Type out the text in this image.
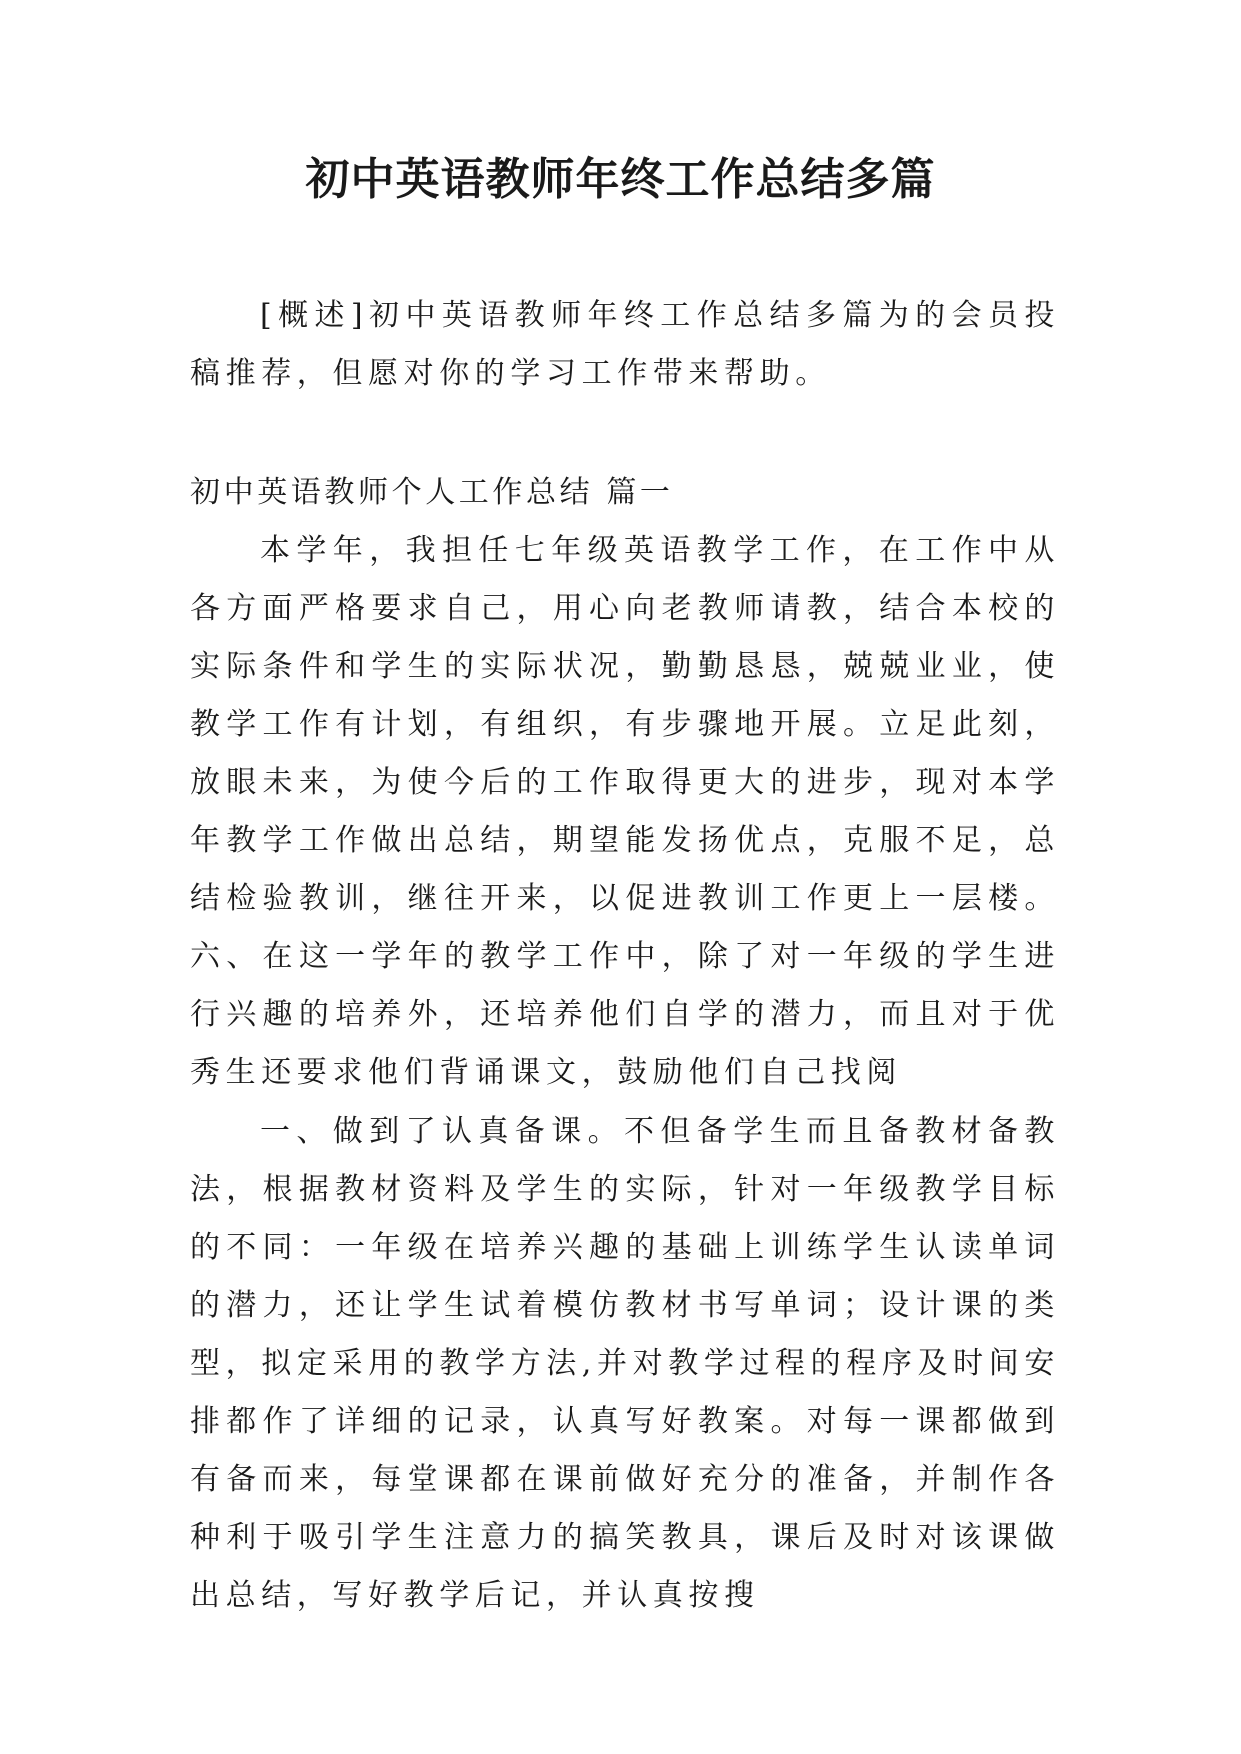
初中英语教师年终工作总结多篇

[概述]初中英语教师年终工作总结多篇为的会员投稿推荐，但愿对你的学习工作带来帮助。

初中英语教师个人工作总结 篇一

本学年，我担任七年级英语教学工作，在工作中从各方面严格要求自己，用心向老教师请教，结合本校的实际条件和学生的实际状况，勤勤恳恳，兢兢业业，使教学工作有计划，有组织，有步骤地开展。立足此刻，放眼未来，为使今后的工作取得更大的进步，现对本学年教学工作做出总结，期望能发扬优点，克服不足，总结检验教训，继往开来，以促进教训工作更上一层楼。六、在这一学年的教学工作中，除了对一年级的学生进行兴趣的培养外，还培养他们自学的潜力，而且对于优秀生还要求他们背诵课文，鼓励他们自己找阅

一、做到了认真备课。不但备学生而且备教材备教法，根据教材资料及学生的实际，针对一年级教学目标的不同：一年级在培养兴趣的基础上训练学生认读单词的潜力，还让学生试着模仿教材书写单词；设计课的类型，拟定采用的教学方法,并对教学过程的程序及时间安排都作了详细的记录，认真写好教案。对每一课都做到有备而来，每堂课都在课前做好充分的准备，并制作各种利于吸引学生注意力的搞笑教具，课后及时对该课做出总结，写好教学后记，并认真按搜
